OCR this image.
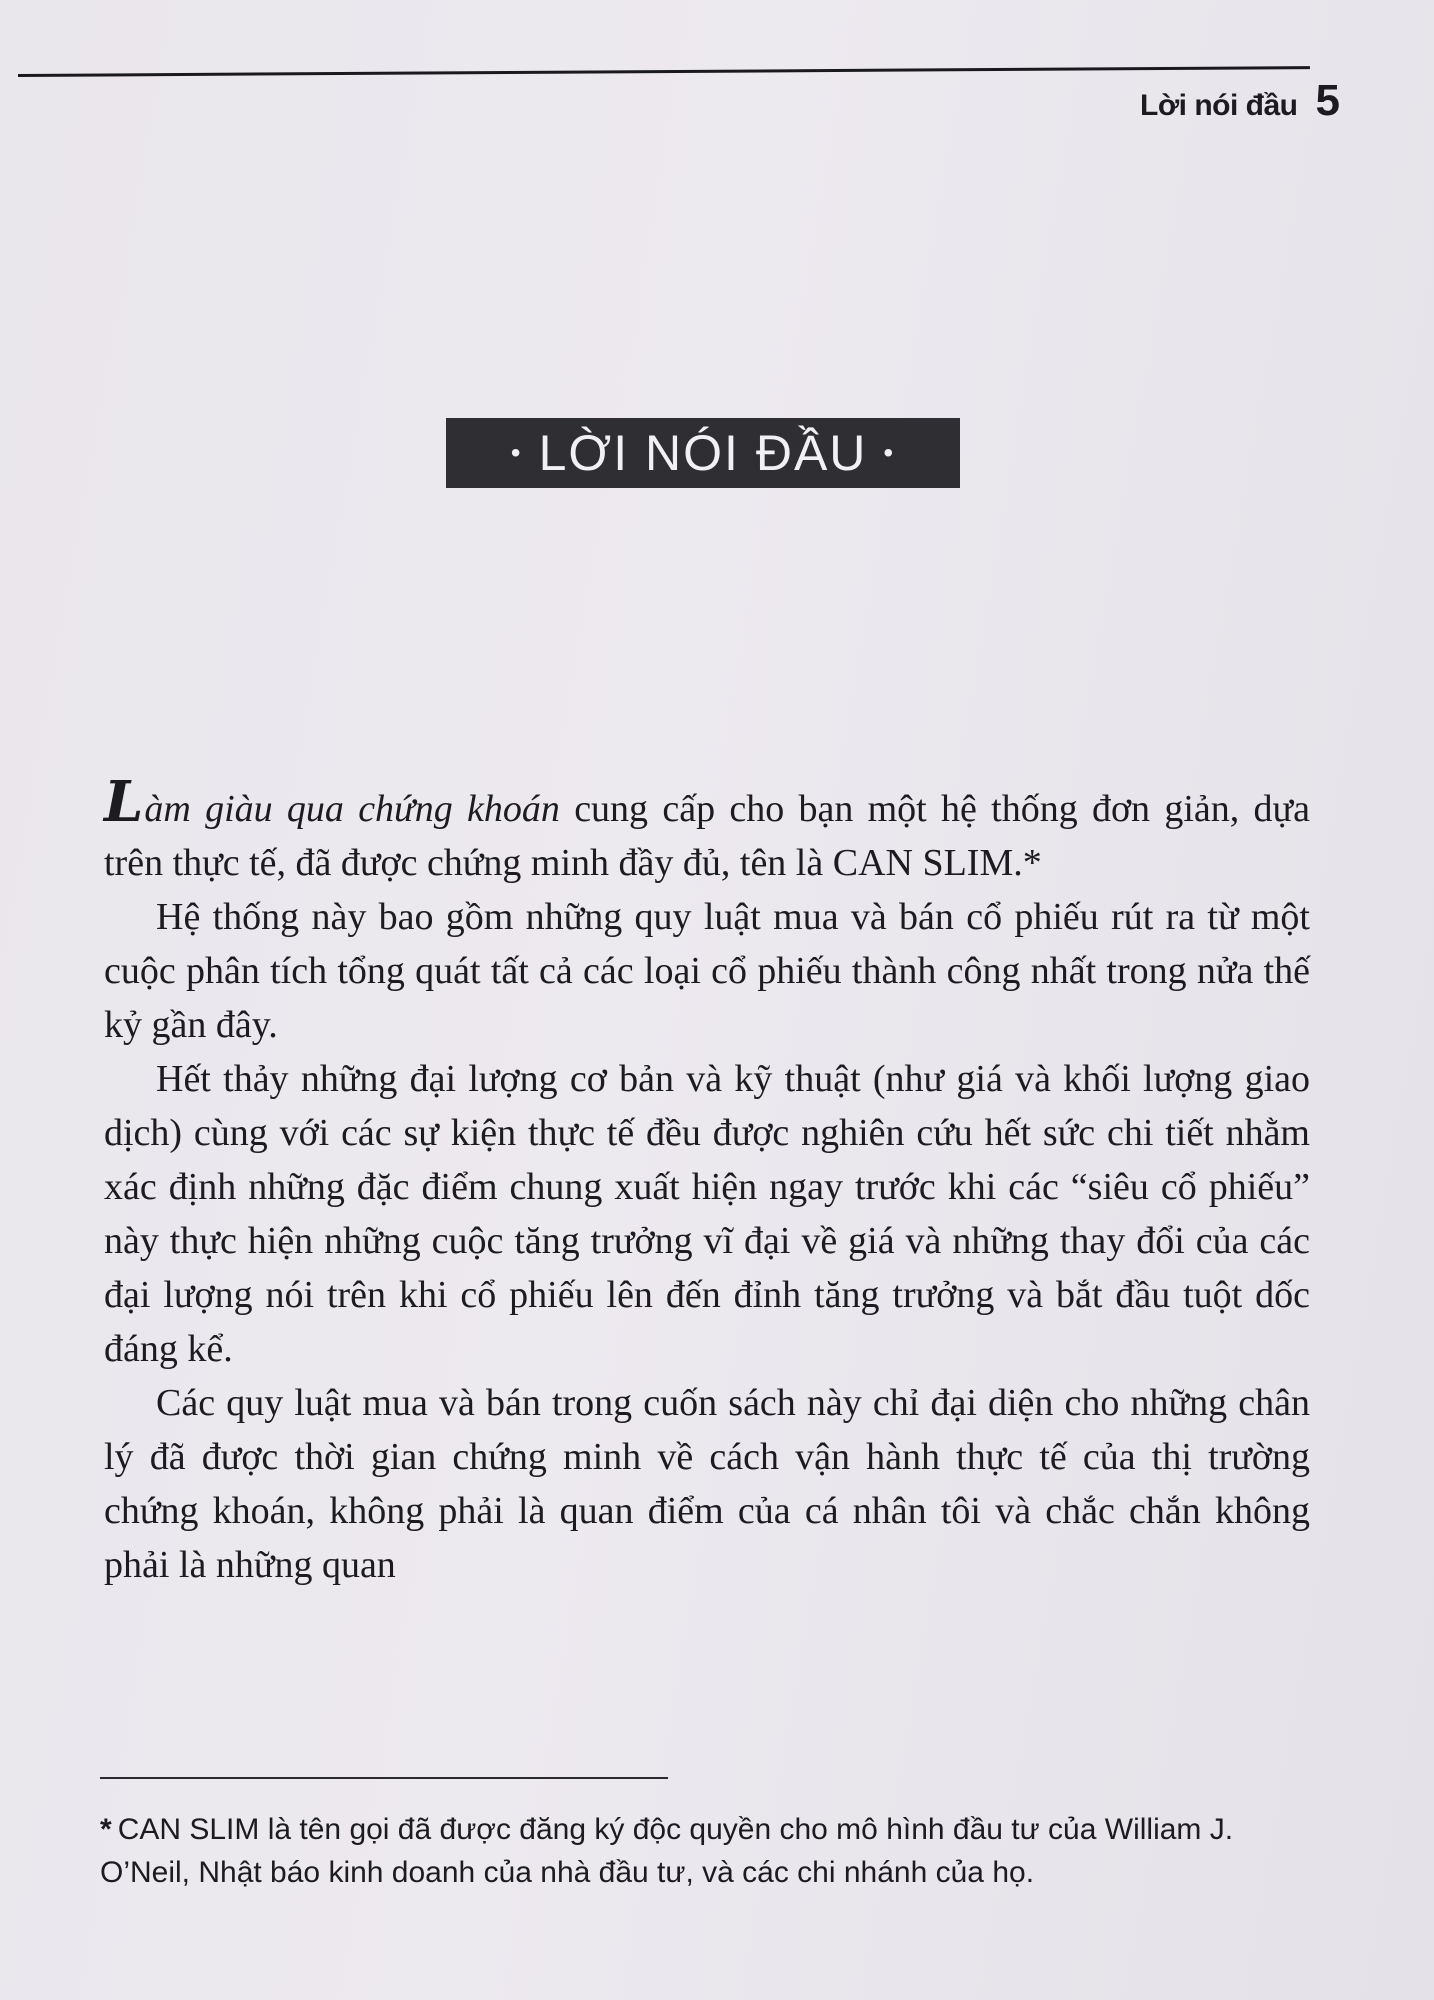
Lời nói đầu 5
• LỜI NÓI ĐẦU •

Làm giàu qua chứng khoán cung cấp cho bạn một hệ thống đơn giản, dựa trên thực tế, đã được chứng minh đầy đủ, tên là CAN SLIM.*

Hệ thống này bao gồm những quy luật mua và bán cổ phiếu rút ra từ một cuộc phân tích tổng quát tất cả các loại cổ phiếu thành công nhất trong nửa thế kỷ gần đây.

Hết thảy những đại lượng cơ bản và kỹ thuật (như giá và khối lượng giao dịch) cùng với các sự kiện thực tế đều được nghiên cứu hết sức chi tiết nhằm xác định những đặc điểm chung xuất hiện ngay trước khi các “siêu cổ phiếu” này thực hiện những cuộc tăng trưởng vĩ đại về giá và những thay đổi của các đại lượng nói trên khi cổ phiếu lên đến đỉnh tăng trưởng và bắt đầu tuột dốc đáng kể.

Các quy luật mua và bán trong cuốn sách này chỉ đại diện cho những chân lý đã được thời gian chứng minh về cách vận hành thực tế của thị trường chứng khoán, không phải là quan điểm của cá nhân tôi và chắc chắn không phải là những quan

* CAN SLIM là tên gọi đã được đăng ký độc quyền cho mô hình đầu tư của William J. O’Neil, Nhật báo kinh doanh của nhà đầu tư, và các chi nhánh của họ.
